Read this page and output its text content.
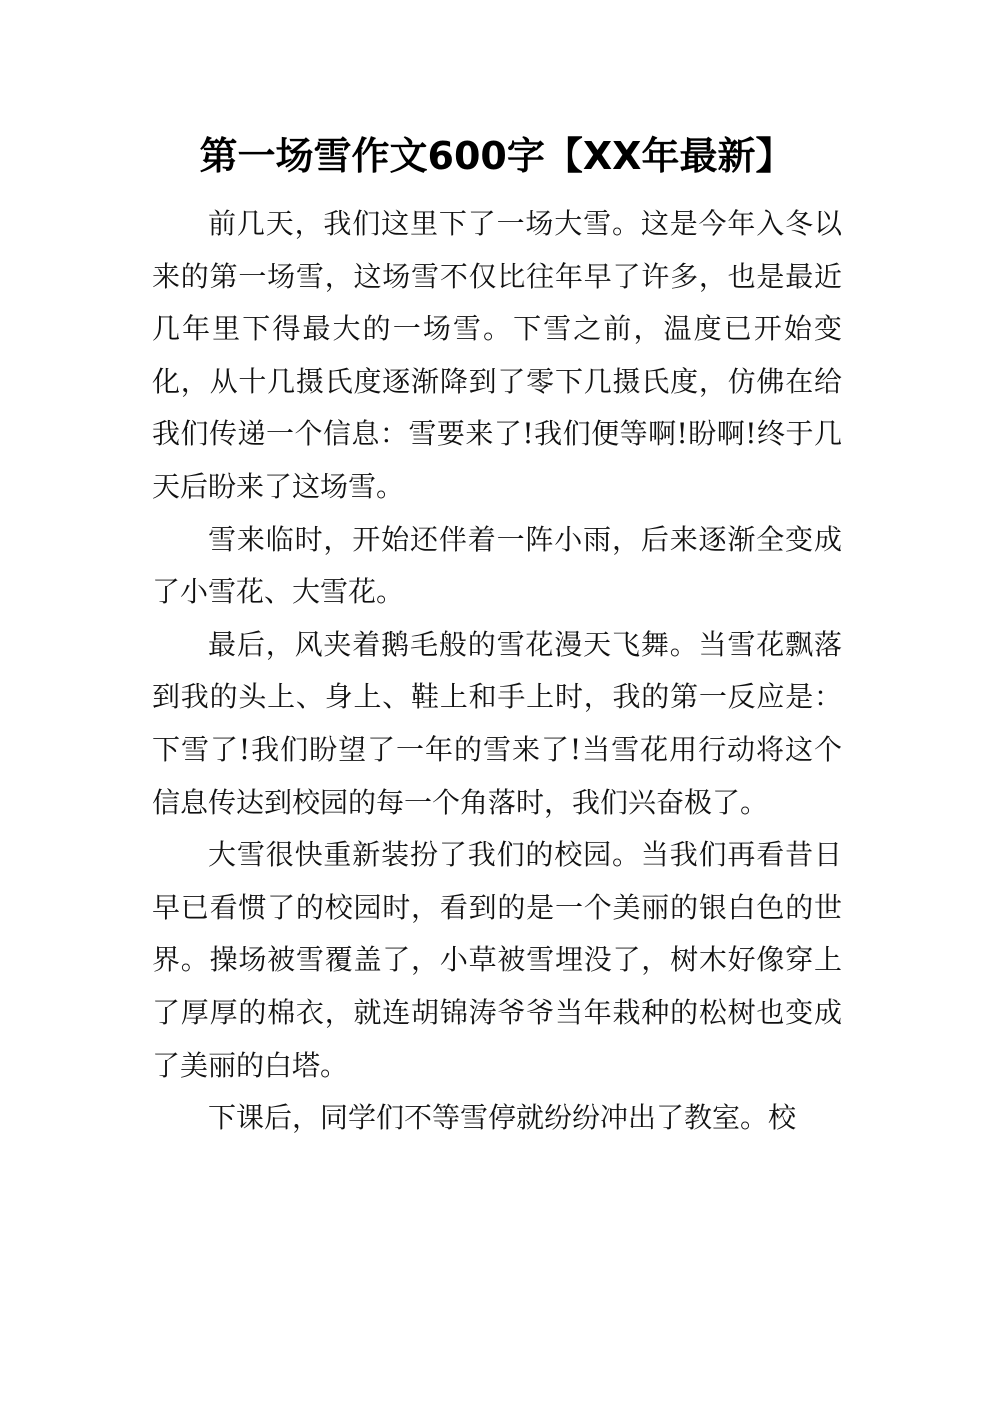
第一场雪作文600字【XX年最新】

前几天，我们这里下了一场大雪。这是今年入冬以来的第一场雪，这场雪不仅比往年早了许多，也是最近几年里下得最大的一场雪。下雪之前，温度已开始变化，从十几摄氏度逐渐降到了零下几摄氏度，仿佛在给我们传递一个信息：雪要来了!我们便等啊!盼啊!终于几天后盼来了这场雪。

雪来临时，开始还伴着一阵小雨，后来逐渐全变成了小雪花、大雪花。

最后，风夹着鹅毛般的雪花漫天飞舞。当雪花飘落到我的头上、身上、鞋上和手上时，我的第一反应是：下雪了!我们盼望了一年的雪来了!当雪花用行动将这个信息传达到校园的每一个角落时，我们兴奋极了。

大雪很快重新装扮了我们的校园。当我们再看昔日早已看惯了的校园时，看到的是一个美丽的银白色的世界。操场被雪覆盖了，小草被雪埋没了，树木好像穿上了厚厚的棉衣，就连胡锦涛爷爷当年栽种的松树也变成了美丽的白塔。

下课后，同学们不等雪停就纷纷冲出了教室。校
